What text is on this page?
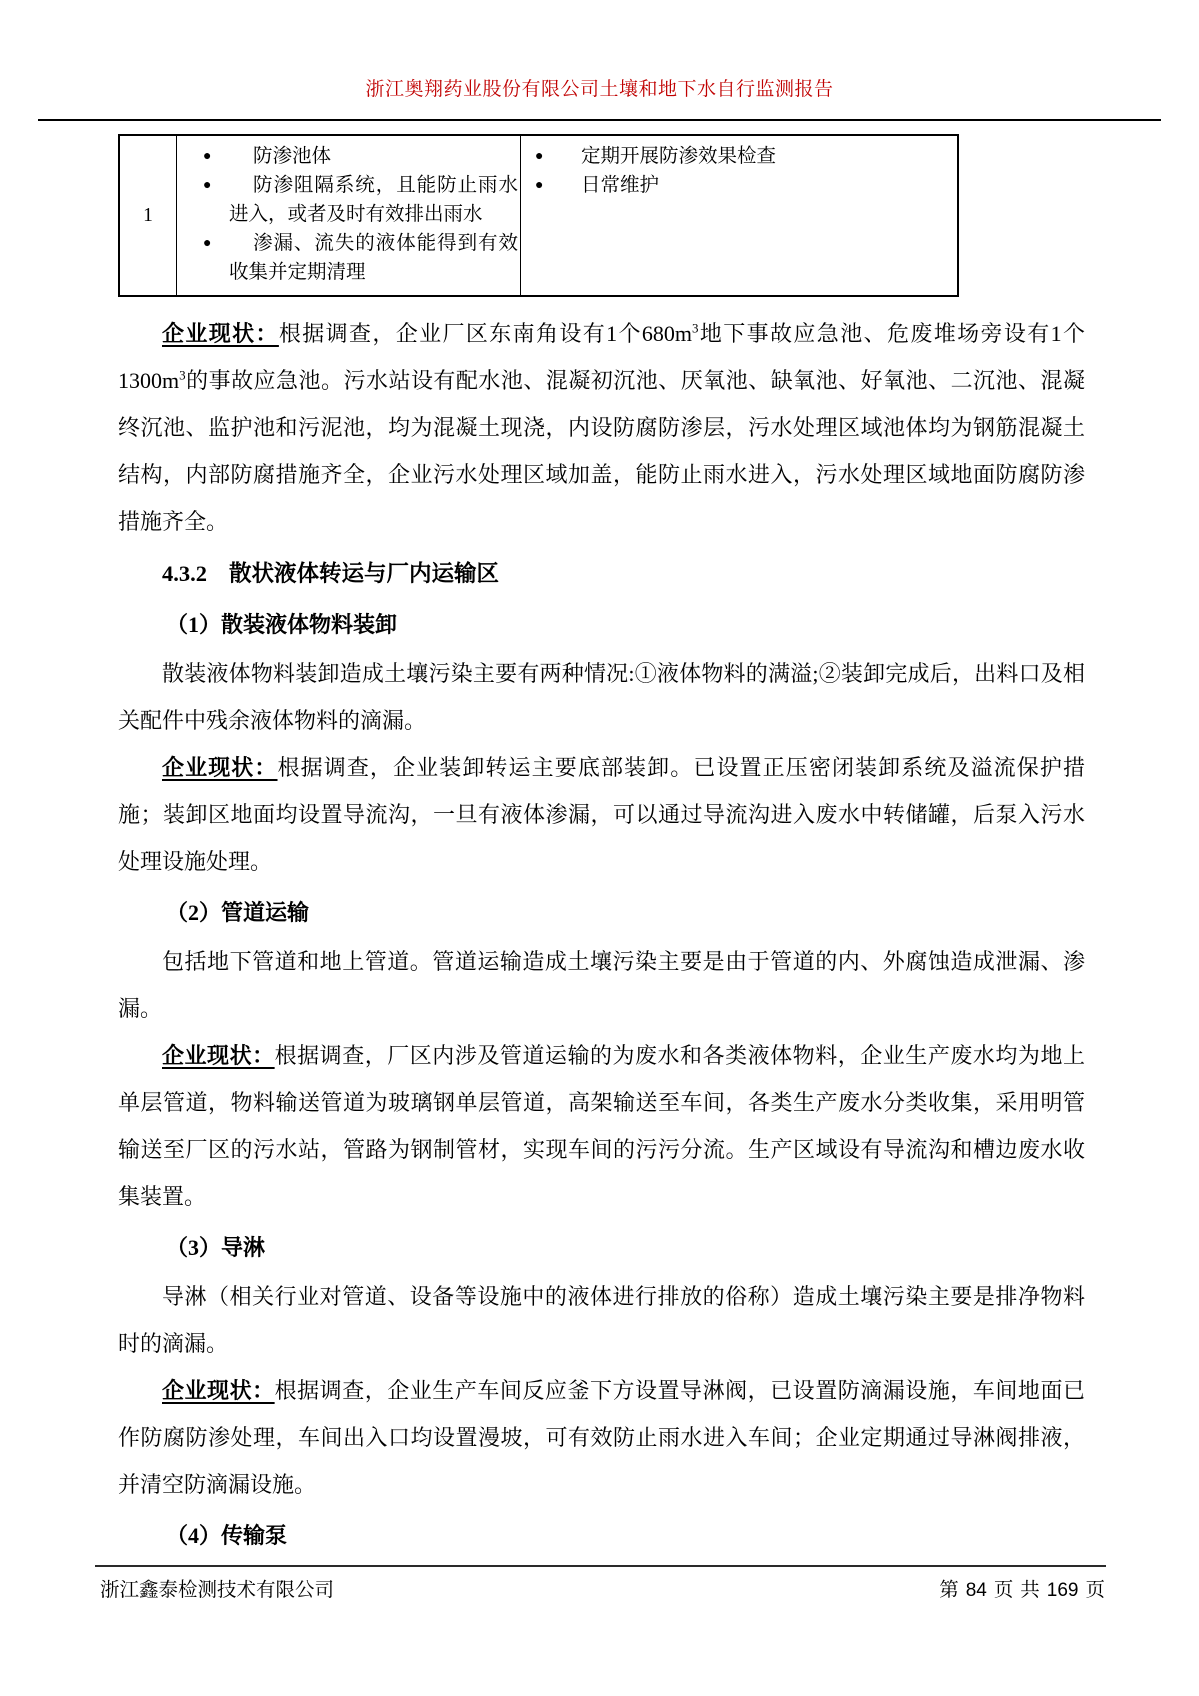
浙江奥翔药业股份有限公司土壤和地下水自行监测报告
1
● 防渗池体
● 防渗阻隔系统，且能防止雨水 进入，或者及时有效排出雨水
● 渗漏、流失的液体能得到有效收集并定期清理
● 定期开展防渗效果检查
● 日常维护

企业现状：根据调查，企业厂区东南角设有1个$680m^3$地下事故应急池、危废堆场旁设有1个$1300m^3$的事故应急池。污水站设有配水池、混凝初沉池、厌氧池、缺氧池、好氧池、二沉池、混凝终沉池、监护池和污泥池，均为混凝土现浇，内设防腐防渗层，污水处理区域池体均为钢筋混凝土结构，内部防腐措施齐全，企业污水处理区域加盖，能防止雨水进入，污水处理区域地面防腐防渗措施齐全。

4.3.2 散状液体转运与厂内运输区
（1）散装液体物料装卸

散装液体物料装卸造成土壤污染主要有两种情况:①液体物料的满溢;②装卸完成后，出料口及相关配件中残余液体物料的滴漏。

企业现状：根据调查，企业装卸转运主要底部装卸。已设置正压密闭装卸系统及溢流保护措施；装卸区地面均设置导流沟，一旦有液体渗漏，可以通过导流沟进入废水中转储罐，后泵入污水处理设施处理。

（2）管道运输

包括地下管道和地上管道。管道运输造成土壤污染主要是由于管道的内、外腐蚀造成泄漏、渗漏。

企业现状：根据调查，厂区内涉及管道运输的为废水和各类液体物料，企业生产废水均为地上单层管道，物料输送管道为玻璃钢单层管道，高架输送至车间，各类生产废水分类收集，采用明管输送至厂区的污水站，管路为钢制管材，实现车间的污污分流。生产区域设有导流沟和槽边废水收集装置。

（3）导淋

导淋（相关行业对管道、设备等设施中的液体进行排放的俗称）造成土壤污染主要是排净物料时的滴漏。

企业现状：根据调查，企业生产车间反应釜下方设置导淋阀，已设置防滴漏设施，车间地面已作防腐防渗处理，车间出入口均设置漫坡，可有效防止雨水进入车间；企业定期通过导淋阀排液，并清空防滴漏设施。

（4）传输泵
浙江鑫泰检测技术有限公司	第 84 页 共 169 页
